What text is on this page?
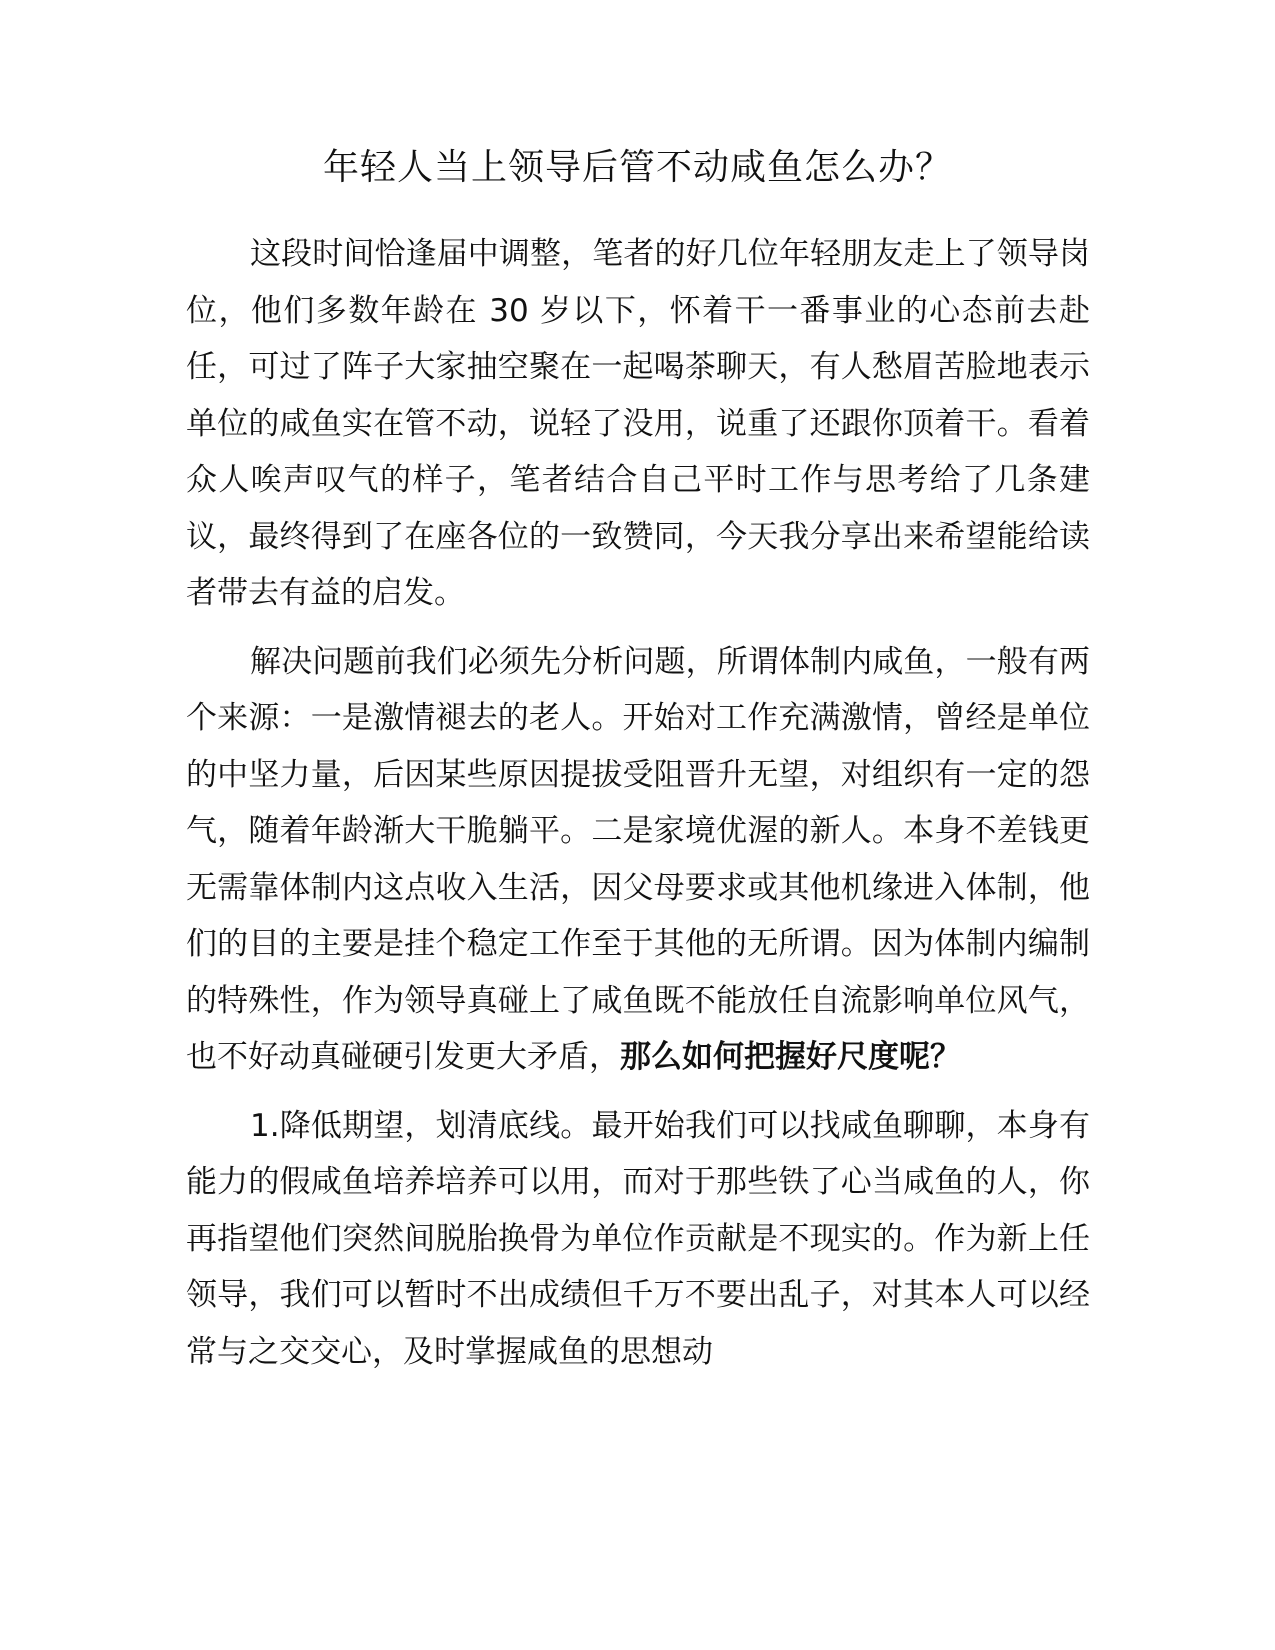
年轻人当上领导后管不动咸鱼怎么办？

这段时间恰逢届中调整，笔者的好几位年轻朋友走上了领导岗位，他们多数年龄在 30 岁以下，怀着干一番事业的心态前去赴任，可过了阵子大家抽空聚在一起喝茶聊天，有人愁眉苦脸地表示单位的咸鱼实在管不动，说轻了没用，说重了还跟你顶着干。看着众人唉声叹气的样子，笔者结合自己平时工作与思考给了几条建议，最终得到了在座各位的一致赞同，今天我分享出来希望能给读者带去有益的启发。

解决问题前我们必须先分析问题，所谓体制内咸鱼，一般有两个来源：一是激情褪去的老人。开始对工作充满激情，曾经是单位的中坚力量，后因某些原因提拔受阻晋升无望，对组织有一定的怨气，随着年龄渐大干脆躺平。二是家境优渥的新人。本身不差钱更无需靠体制内这点收入生活，因父母要求或其他机缘进入体制，他们的目的主要是挂个稳定工作至于其他的无所谓。因为体制内编制的特殊性，作为领导真碰上了咸鱼既不能放任自流影响单位风气，也不好动真碰硬引发更大矛盾，那么如何把握好尺度呢？

1.降低期望，划清底线。最开始我们可以找咸鱼聊聊，本身有能力的假咸鱼培养培养可以用，而对于那些铁了心当咸鱼的人，你再指望他们突然间脱胎换骨为单位作贡献是不现实的。作为新上任领导，我们可以暂时不出成绩但千万不要出乱子，对其本人可以经常与之交交心，及时掌握咸鱼的思想动
